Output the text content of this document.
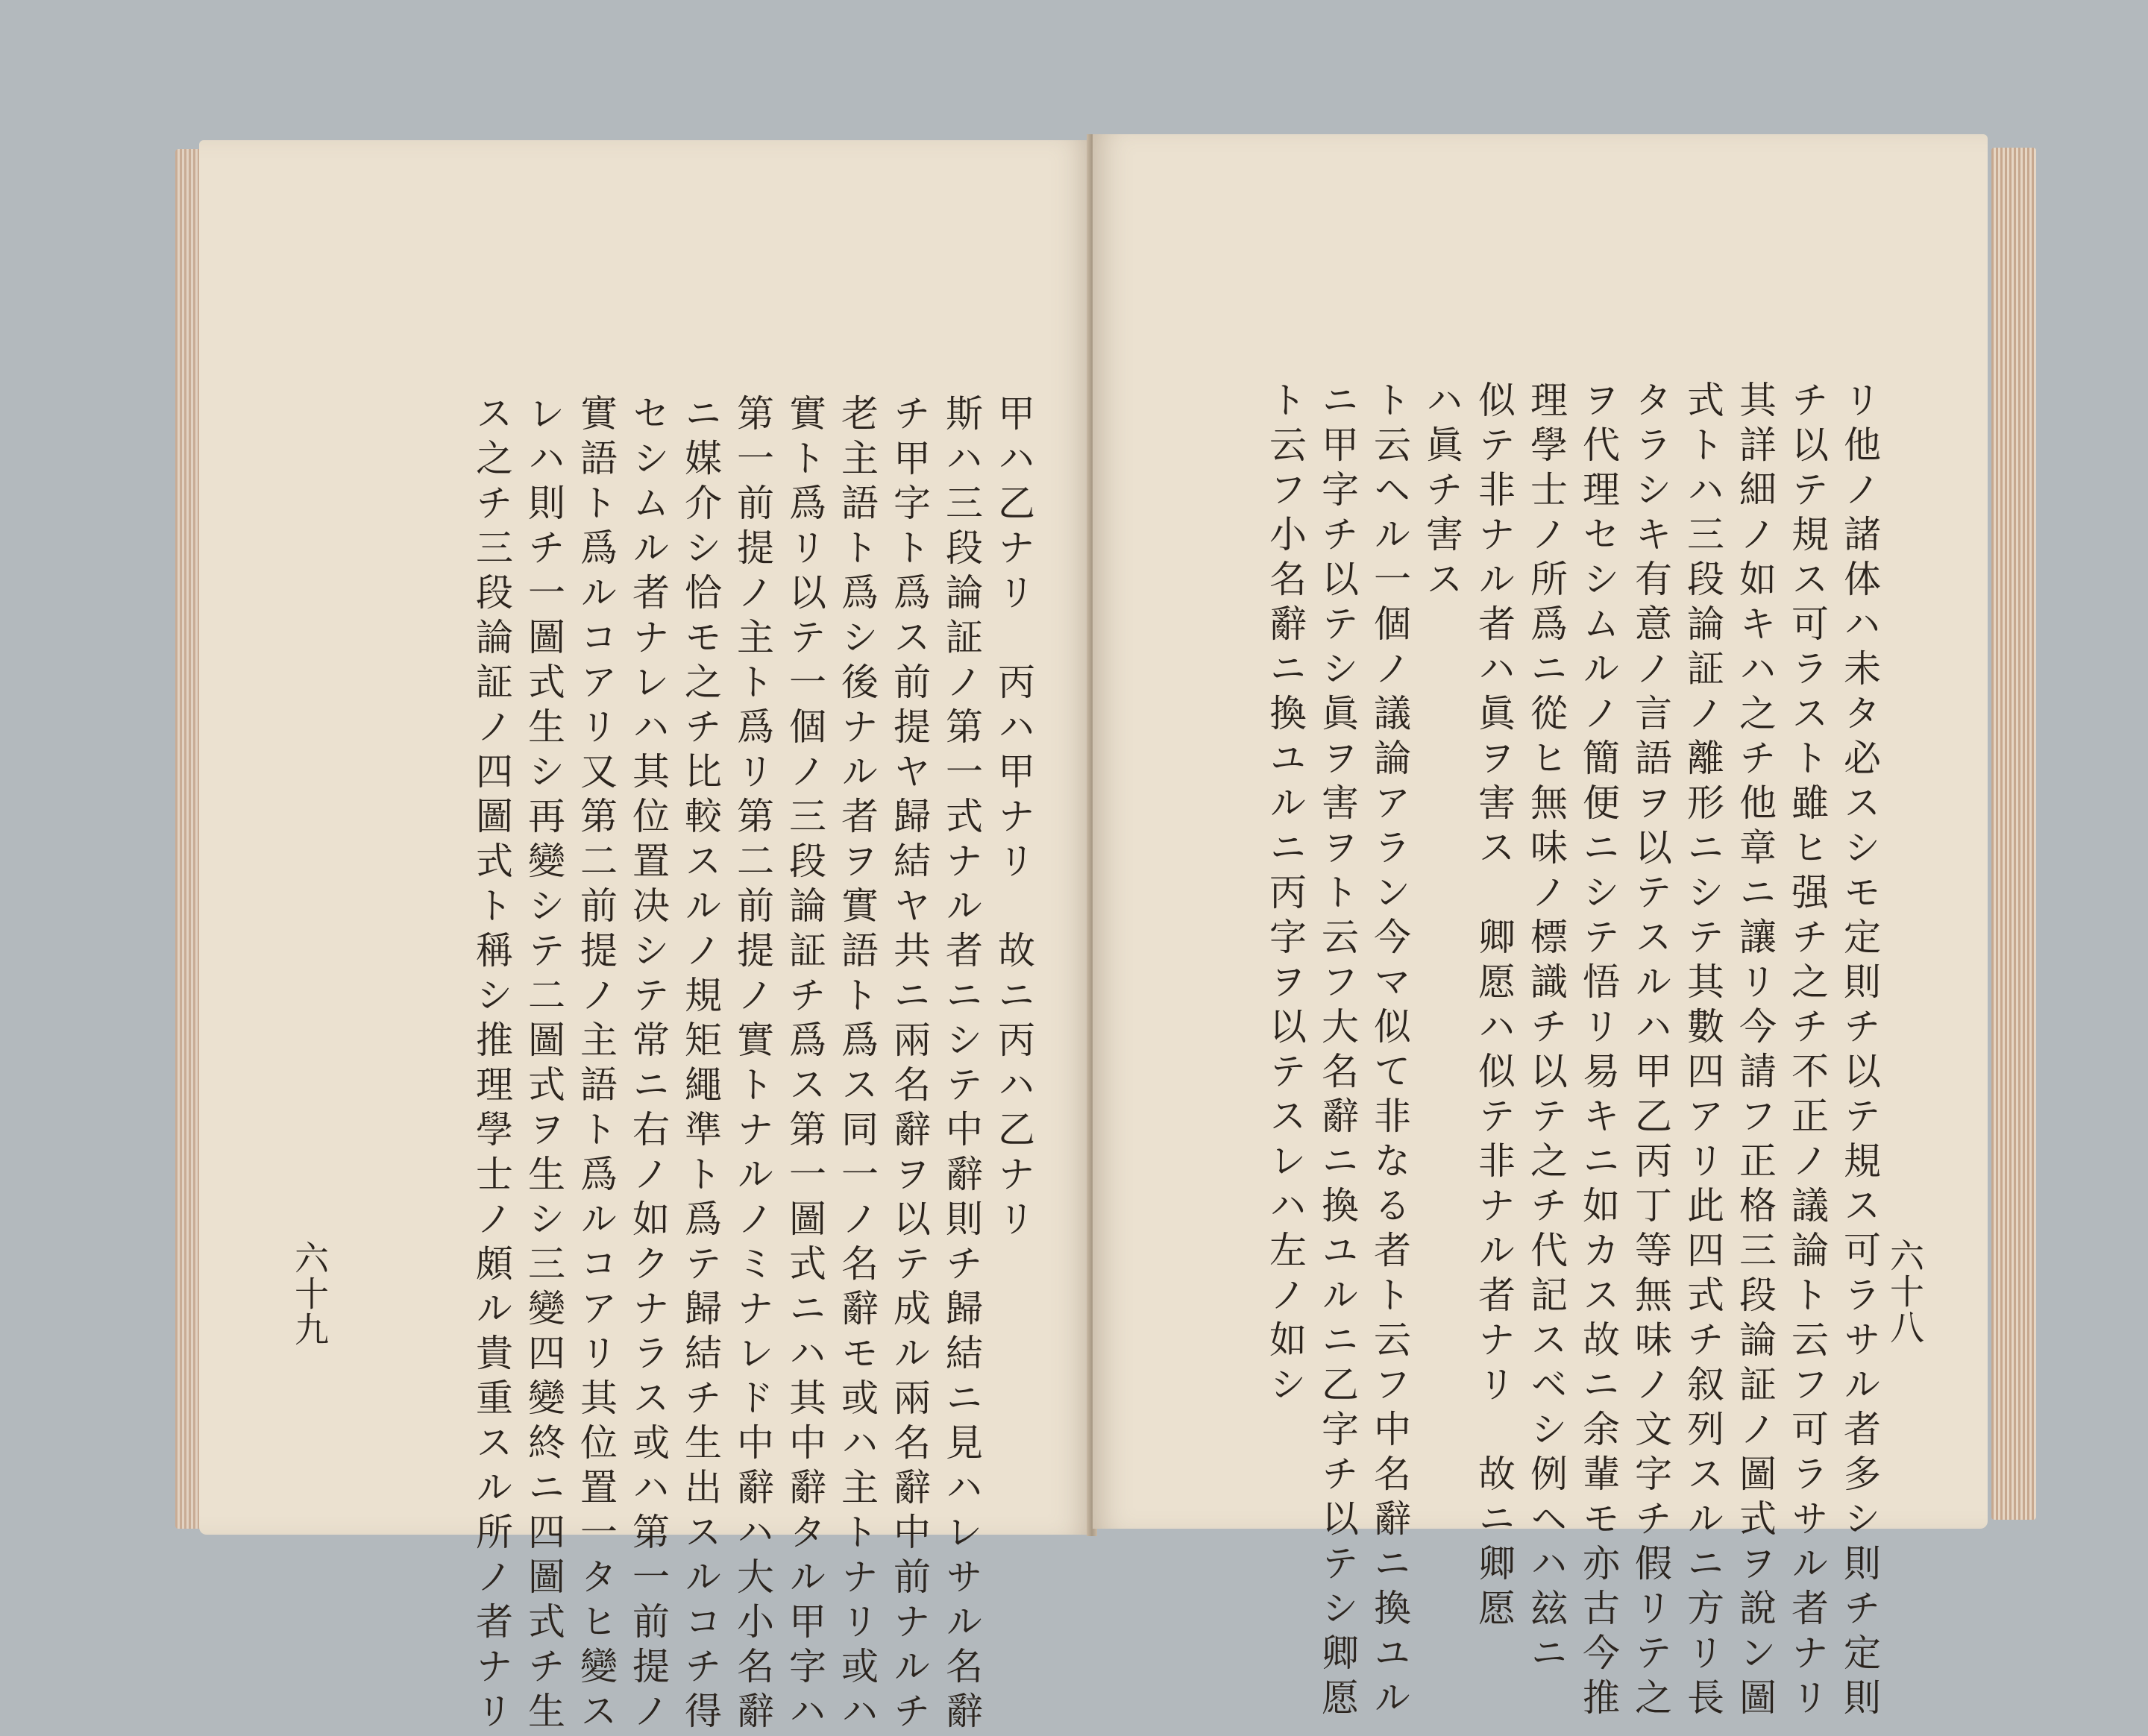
甲ハ乙ナリ　丙ハ甲ナリ　故ニ丙ハ乙ナリ
斯ハ三段論証ノ第一式ナル者ニシテ中辭則チ歸結ニ見ハレサル名辭
チ甲字ト爲ス前提ヤ歸結ヤ共ニ兩名辭ヲ以テ成ル兩名辭中前ナルチ
老主語ト爲シ後ナル者ヲ實語ト爲ス同一ノ名辭モ或ハ主トナリ或ハ
實ト爲リ以テ一個ノ三段論証チ爲ス第一圖式ニハ其中辭タル甲字ハ
第一前提ノ主ト爲リ第二前提ノ實トナルノミナレド中辭ハ大小名辭
ニ媒介シ恰モ之チ比較スルノ規矩繩準ト爲テ歸結チ生出スルコチ得
セシムル者ナレハ其位置决シテ常ニ右ノ如クナラス或ハ第一前提ノ
實語ト爲ルコアリ又第二前提ノ主語ト爲ルコアリ其位置一タヒ變ス
レハ則チ一圖式生シ再變シテ二圖式ヲ生シ三變四變終ニ四圖式チ生
ス之チ三段論証ノ四圖式ト稱シ推理學士ノ頗ル貴重スル所ノ者ナリ
六十九	リ他ノ諸体ハ未タ必スシモ定則チ以テ規ス可ラサル者多シ則チ定則
チ以テ規ス可ラスト雖ヒ强チ之チ不正ノ議論ト云フ可ラサル者ナリ
其詳細ノ如キハ之チ他章ニ讓リ今請フ正格三段論証ノ圖式ヲ說ン圖
式トハ三段論証ノ離形ニシテ其數四アリ此四式チ叙列スルニ方リ長
タラシキ有意ノ言語ヲ以テスルハ甲乙丙丁等無味ノ文字チ假リテ之
ヲ代理セシムルノ簡便ニシテ悟リ易キニ如カス故ニ余輩モ亦古今推
理學士ノ所爲ニ從ヒ無味ノ標識チ以テ之チ代記スベシ例ヘハ玆ニ
似テ非ナル者ハ眞ヲ害ス　卿愿ハ似テ非ナル者ナリ　故ニ卿愿
ハ眞チ害ス
ト云ヘル一個ノ議論アラン今マ似て非なる者ト云フ中名辭ニ換ユル
ニ甲字チ以テシ眞ヲ害ヲト云フ大名辭ニ換ユルニ乙字チ以テシ卿愿
ト云フ小名辭ニ換ユルニ丙字ヲ以テスレハ左ノ如シ	六十八
